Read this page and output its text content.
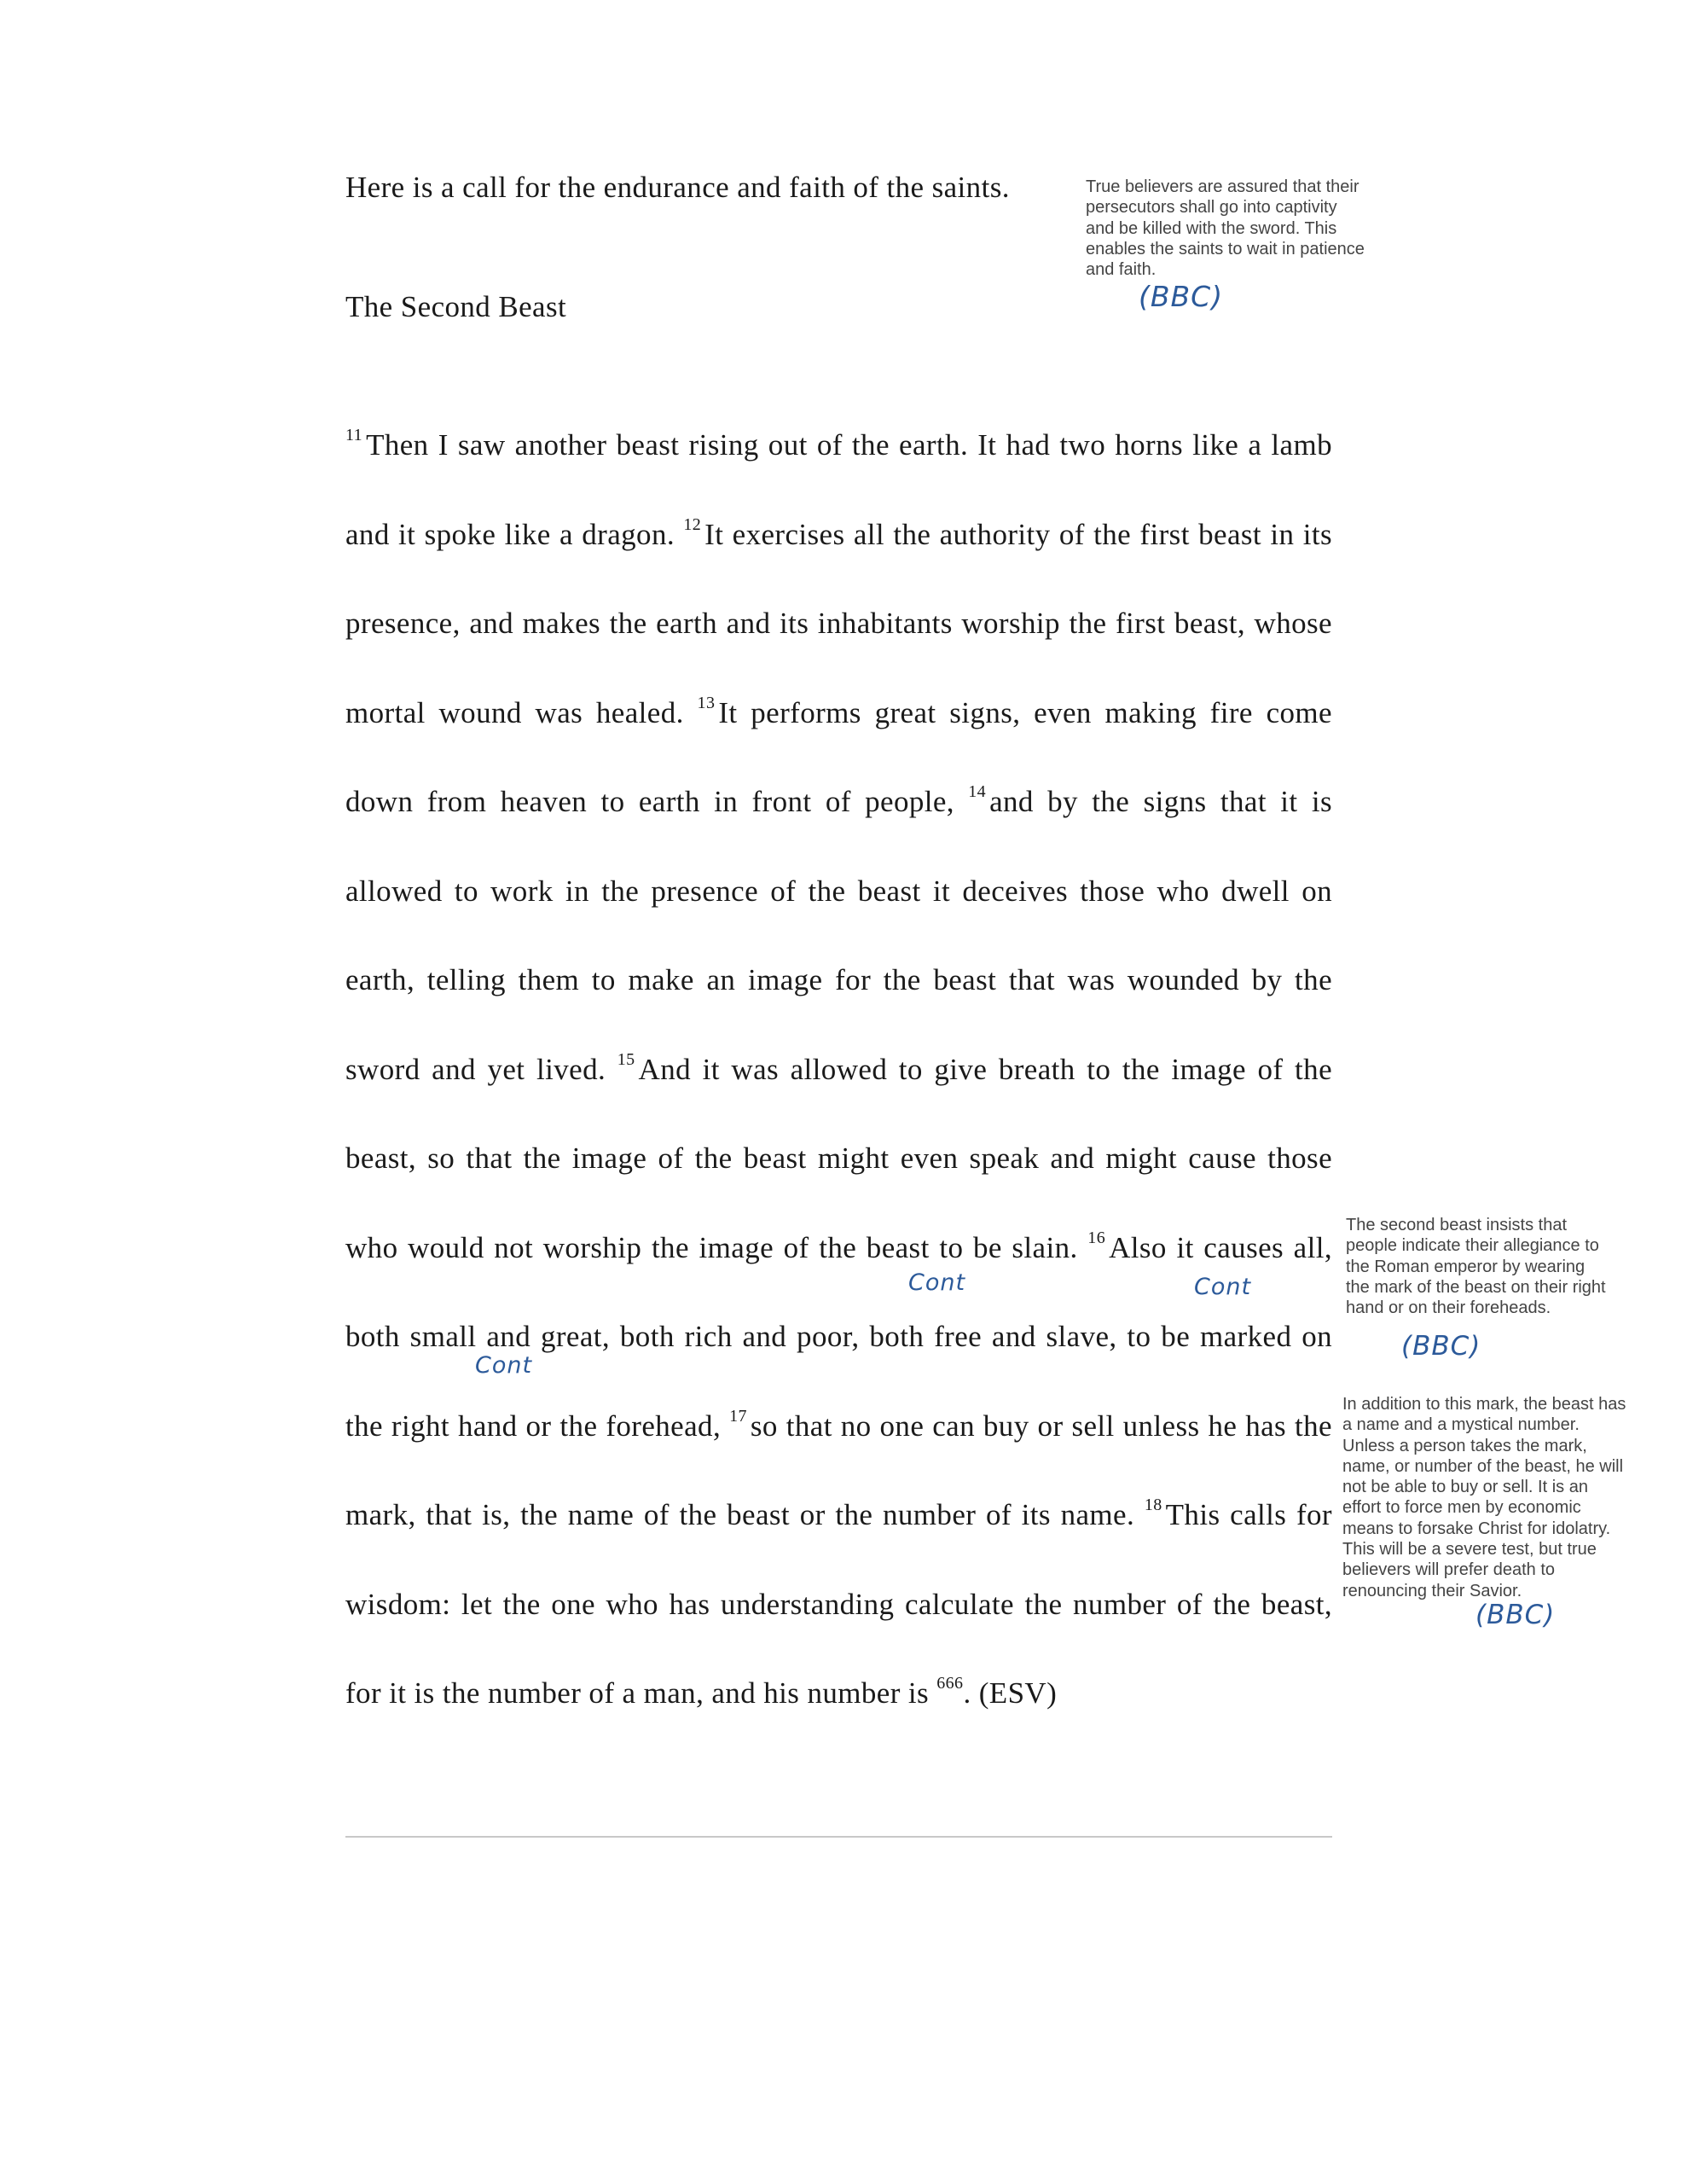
Here is a call for the endurance and faith of the saints.
The Second Beast
$^{11}$ Then I saw another beast rising out of the earth. It had two horns like a lamb and it spoke like a dragon. $^{12}$ It exercises all the authority of the first beast in its presence, and makes the earth and its inhabitants worship the first beast, whose mortal wound was healed. $^{13}$ It performs great signs, even making fire come down from heaven to earth in front of people, $^{14}$ and by the signs that it is allowed to work in the presence of the beast it deceives those who dwell on earth, telling them to make an image for the beast that was wounded by the sword and yet lived. $^{15}$ And it was allowed to give breath to the image of the beast, so that the image of the beast might even speak and might cause those who would not worship the image of the beast to be slain. $^{16}$ Also it causes all, both small and great, both rich and poor, both free and slave, to be marked on the right hand or the forehead, $^{17}$ so that no one can buy or sell unless he has the mark, that is, the name of the beast or the number of its name. $^{18}$ This calls for wisdom: let the one who has understanding calculate the number of the beast, for it is the number of a man, and his number is $^{666}$. (ESV)
True believers are assured that their persecutors shall go into captivity and be killed with the sword. This enables the saints to wait in patience and faith.
The second beast insists that people indicate their allegiance to the Roman emperor by wearing the mark of the beast on their right hand or on their foreheads.
In addition to this mark, the beast has a name and a mystical number. Unless a person takes the mark, name, or number of the beast, he will not be able to buy or sell. It is an effort to force men by economic means to forsake Christ for idolatry. This will be a severe test, but true believers will prefer death to renouncing their Savior.
(BBC)
(BBC)
(BBC)
Cont	Cont
Cont
